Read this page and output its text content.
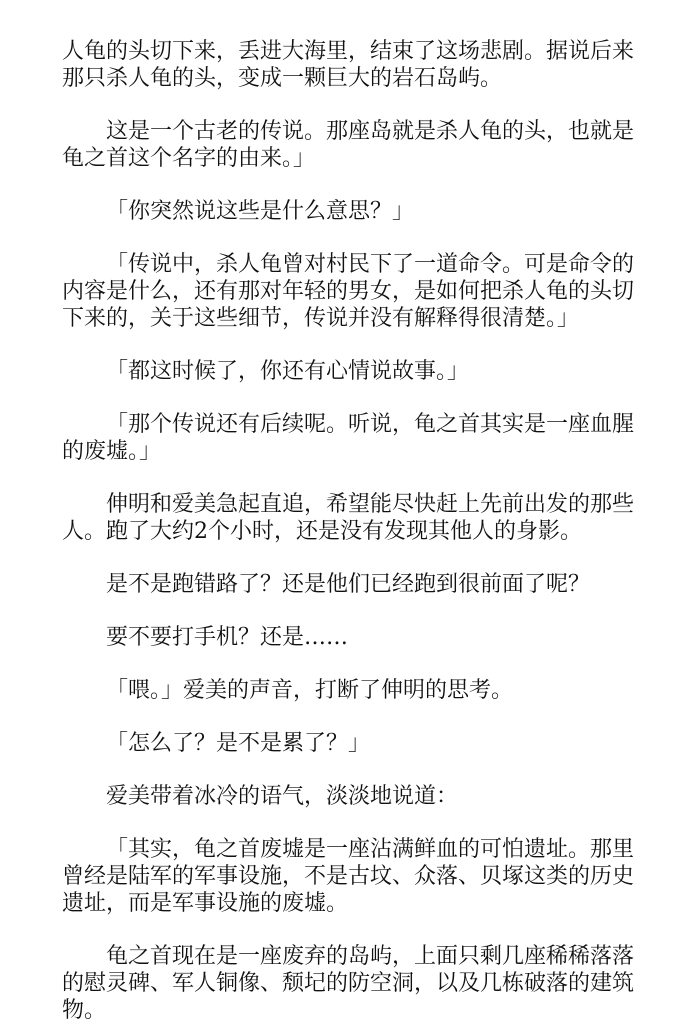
人龟的头切下来，丢进大海里，结束了这场悲剧。据说后来那只杀人龟的头，变成一颗巨大的岩石岛屿。

这是一个古老的传说。那座岛就是杀人龟的头，也就是龟之首这个名字的由来。」

「你突然说这些是什么意思？」

「传说中，杀人龟曾对村民下了一道命令。可是命令的内容是什么，还有那对年轻的男女，是如何把杀人龟的头切下来的，关于这些细节，传说并没有解释得很清楚。」

「都这时候了，你还有心情说故事。」

「那个传说还有后续呢。听说，龟之首其实是一座血腥的废墟。」

伸明和爱美急起直追，希望能尽快赶上先前出发的那些人。跑了大约2个小时，还是没有发现其他人的身影。

是不是跑错路了？还是他们已经跑到很前面了呢？

要不要打手机？还是……

「喂。」爱美的声音，打断了伸明的思考。

「怎么了？是不是累了？」

爱美带着冰冷的语气，淡淡地说道：

「其实，龟之首废墟是一座沾满鲜血的可怕遗址。那里曾经是陆军的军事设施，不是古坟、众落、贝塚这类的历史遗址，而是军事设施的废墟。

龟之首现在是一座废弃的岛屿，上面只剩几座稀稀落落的慰灵碑、军人铜像、颓圮的防空洞，以及几栋破落的建筑物。
